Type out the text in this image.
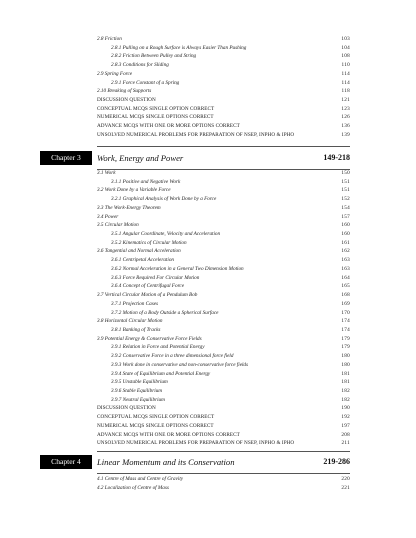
2.8 Friction	103
2.8.1 Pulling on a Rough Surface is Always Easier Than Pushing	104
2.8.2 Friction Between Pulley and String	108
2.8.3 Conditions for Sliding	110
2.9 Spring Force	114
2.9.1 Force Constant of a Spring	114
2.10 Breaking of Supports	118
DISCUSSION QUESTION	121
CONCEPTUAL MCQS SINGLE OPTION CORRECT	123
NUMERICAL MCQS SINGLE OPTIONS CORRECT	126
ADVANCE MCQS WITH ONE OR MORE OPTIONS CORRECT	136
UNSOLVED NUMERICAL PROBLEMS FOR PREPARATION OF NSEP, INPHO & IPHO	139
Chapter 3	Work, Energy and Power	149-218
3.1 Work	150
3.1.1 Positive and Negative Work	151
3.2 Work Done by a Variable Force	151
3.2.1 Graphical Analysis of Work Done by a Force	152
3.3 The Work-Energy Theorem	154
3.4 Power	157
3.5 Circular Motion	160
3.5.1 Angular Coordinate, Velocity and Acceleration	160
3.5.2 Kinematics of Circular Motion	161
3.6 Tangential and Normal Acceleration	162
3.6.1 Centripetal Acceleration	163
3.6.2 Normal Acceleration in a General Two Dimension Motion	163
3.6.3 Force Required For Circular Motion	164
3.6.4 Concept of Centrifugal Force	165
3.7 Vertical Circular Motion of a Pendulum Bob	168
3.7.1 Projection Cases	169
3.7.2 Motion of a Body Outside a Spherical Surface	170
3.8 Horizontal Circular Motion	174
3.8.1 Banking of Tracks	174
3.9 Potential Energy & Conservative Force Fields	179
3.9.1 Relation in Force and Potential Energy	179
3.9.2 Conservative Force in a three dimensional force field	180
3.9.3 Work done in conservative and non-conservative force fields	180
3.9.4 State of Equilibrium and Potential Energy	181
3.9.5 Unstable Equilibrium	181
3.9.6 Stable Equilibrium	182
3.9.7 Neutral Equilibrium	182
DISCUSSION QUESTION	190
CONCEPTUAL MCQS SINGLE OPTION CORRECT	192
NUMERICAL MCQS SINGLE OPTIONS CORRECT	197
ADVANCE MCQS WITH ONE OR MORE OPTIONS CORRECT	208
UNSOLVED NUMERICAL PROBLEMS FOR PREPARATION OF NSEP, INPHO & IPHO	211
Chapter 4	Linear Momentum and its Conservation	219-286
4.1 Centre of Mass and Centre of Gravity	220
4.2 Localization of Centre of Mass	221
